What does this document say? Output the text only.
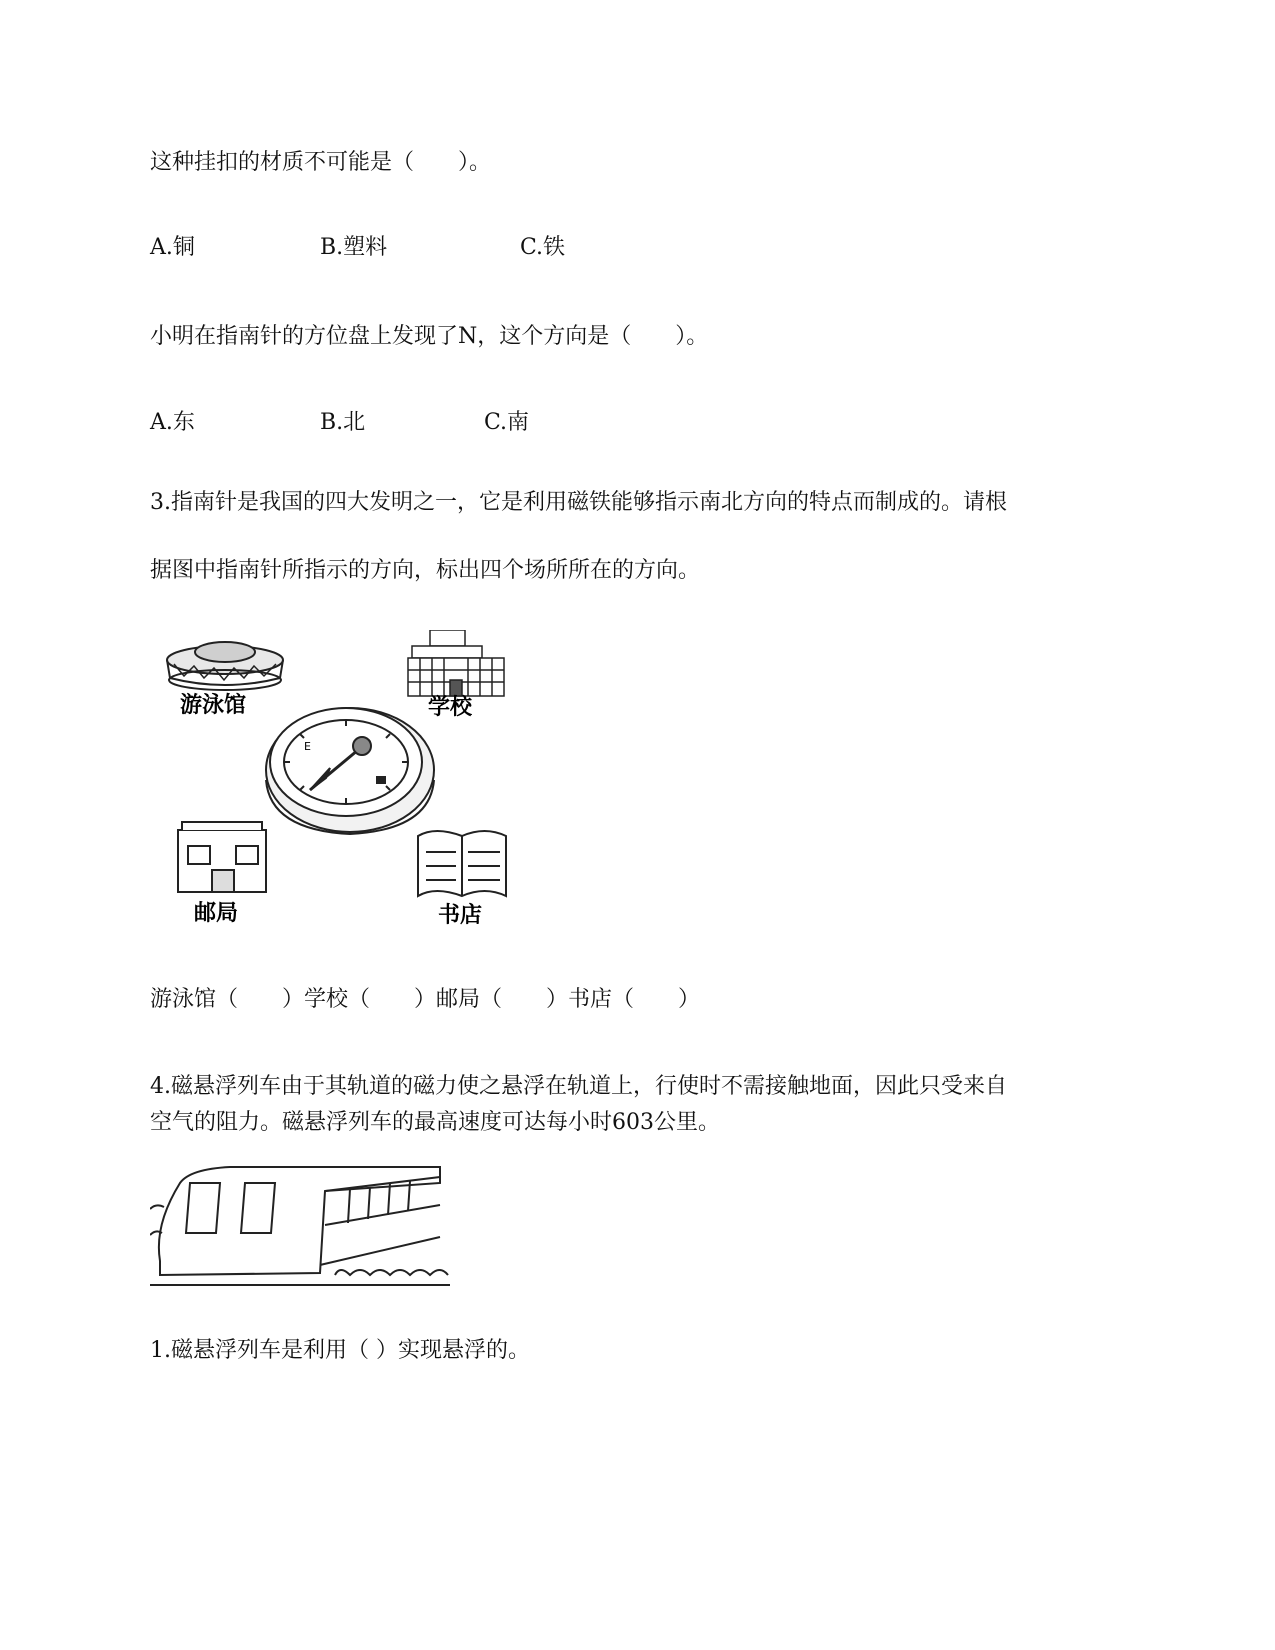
这种挂扣的材质不可能是（　　）。
A.铜	B.塑料	C.铁
小明在指南针的方位盘上发现了N，这个方向是（　　）。
A.东	B.北	C.南
3.指南针是我国的四大发明之一，它是利用磁铁能够指示南北方向的特点而制成的。请根
据图中指南针所指示的方向，标出四个场所所在的方向。
游泳馆	学校
E
邮局	书店
游泳馆（　　）学校（　　）邮局（　　）书店（　　）
4.磁悬浮列车由于其轨道的磁力使之悬浮在轨道上，行使时不需接触地面，因此只受来自
空气的阻力。磁悬浮列车的最高速度可达每小时603公里。
1.磁悬浮列车是利用（ ）实现悬浮的。
